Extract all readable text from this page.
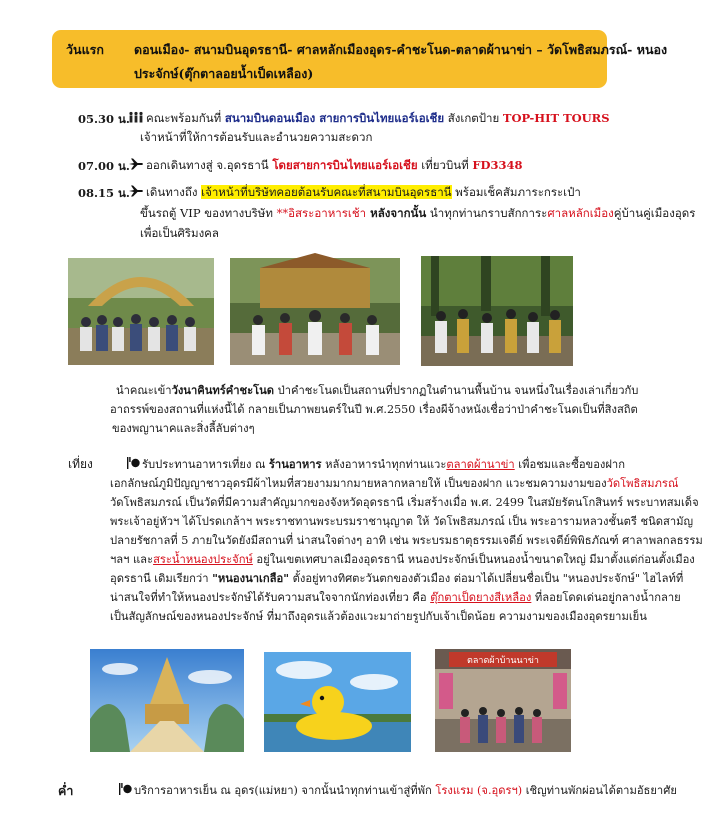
วันแรก ดอนเมือง- สนามบินอุดรธานี- ศาลหลักเมืองอุดร-คำชะโนด-ตลาดผ้านาข่า – วัดโพธิสมภรณ์- หนอง
ประจักษ์(ตุ๊กตาลอยน้ำเป็ดเหลือง)
05.30 น.	คณะพร้อมกันที่ สนามบินดอนเมือง สายการบินไทยแอร์เอเชีย สังเกตป้าย TOP-HIT TOURS
เจ้าหน้าที่ให้การต้อนรับและอำนวยความสะดวก
07.00 น.	ออกเดินทางสู่ จ.อุดรธานี โดยสายการบินไทยแอร์เอเชีย เที่ยวบินที่ FD3348
08.15 น.	เดินทางถึง เจ้าหน้าที่บริษัทคอยต้อนรับคณะที่สนามบินอุดรธานี พร้อมเช็คสัมภาระกระเป๋า
ขึ้นรถตู้ VIP ของทางบริษัท **อิสระอาหารเช้า หลังจากนั้น นำทุกท่านกราบสักการะศาลหลักเมืองคู่บ้านคู่เมืองอุดร
เพื่อเป็นศิริมงคล
นำคณะเข้าวังนาคินทร์คำชะโนด ป่าคำชะโนดเป็นสถานที่ปรากฏในตำนานพื้นบ้าน จนหนึ่งในเรื่องเล่าเกี่ยวกับ
อาถรรพ์ของสถานที่แห่งนี้ได้ กลายเป็นภาพยนตร์ในปี พ.ศ.2550 เรื่องผีจ้างหนังเชื่อว่าป่าคำชะโนดเป็นที่สิงสถิต
ของพญานาคและสิ่งลี้ลับต่างๆ
เที่ยง	รับประทานอาหารเที่ยง ณ ร้านอาหาร หลังอาหารนำทุกท่านแวะตลาดผ้านาข่า เพื่อชมและซื้อของฝาก
เอกลักษณ์ภูมิปัญญาชาวอุดรมีผ้าไหมที่สวยงามมากมายหลากหลายให้ เป็นของฝาก แวะชมความงามของวัดโพธิสมภรณ์
วัดโพธิสมภรณ์ เป็นวัดที่มีความสำคัญมากของจังหวัดอุดรธานี เริ่มสร้างเมื่อ พ.ศ. 2499 ในสมัยรัตนโกสินทร์ พระบาทสมเด็จ
พระเจ้าอยู่หัวฯ ได้โปรดเกล้าฯ พระราชทานพระบรมราชานุญาต ให้ วัดโพธิสมภรณ์ เป็น พระอารามหลวงชั้นตรี ชนิดสามัญ
ปลายรัชกาลที่ 5 ภายในวัดยังมีสถานที่ น่าสนใจต่างๆ อาทิ เช่น พระบรมธาตุธรรมเจดีย์ พระเจดีย์พิพิธภัณฑ์ ศาลาพลกลธรรม
ฯลฯ และสระน้ำหนองประจักษ์ อยู่ในเขตเทศบาลเมืองอุดรธานี หนองประจักษ์เป็นหนองน้ำขนาดใหญ่ มีมาตั้งแต่ก่อนตั้งเมือง
อุดรธานี เดิมเรียกว่า "หนองนาเกลือ" ตั้งอยู่ทางทิศตะวันตกของตัวเมือง ต่อมาได้เปลี่ยนชื่อเป็น "หนองประจักษ์" ไฮไลท์ที่
น่าสนใจที่ทำให้หนองประจักษ์ได้รับความสนใจจากนักท่องเที่ยว คือ ตุ๊กตาเป็ดยางสีเหลือง ที่ลอยโดดเด่นอยู่กลางน้ำกลาย
เป็นสัญลักษณ์ของหนองประจักษ์ ที่มาถึงอุดรแล้วต้องแวะมาถ่ายรูปกับเจ้าเป็ดน้อย ความงามของเมืองอุดรยามเย็น
ตลาดผ้าบ้านนาข่า
ค่ำ	บริการอาหารเย็น ณ อุดร(แม่หยา) จากนั้นนำทุกท่านเข้าสู่ที่พัก โรงแรม (จ.อุดรฯ) เชิญท่านพักผ่อนได้ตามอัธยาศัย
